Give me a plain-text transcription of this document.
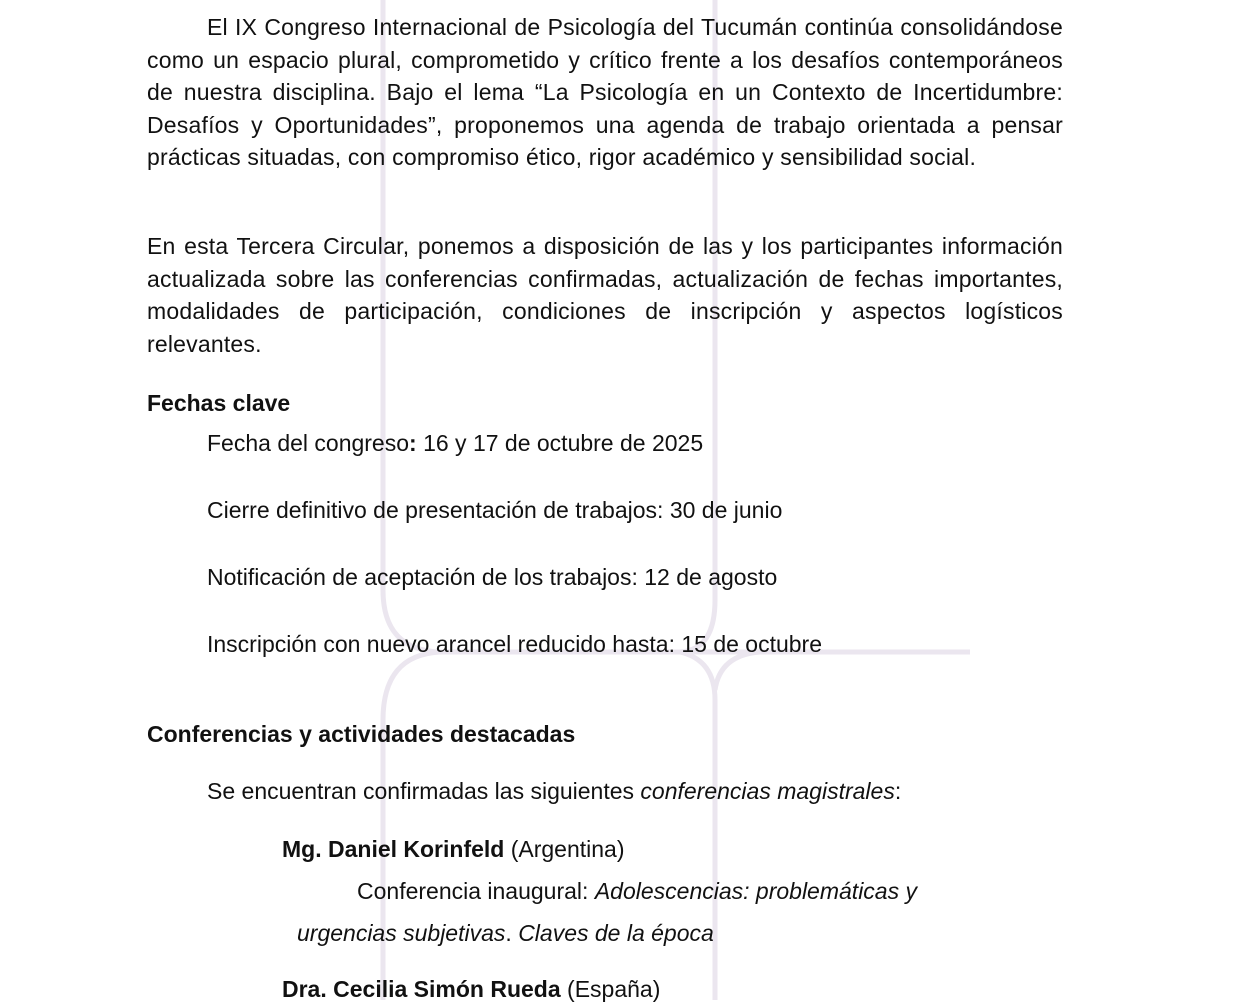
El IX Congreso Internacional de Psicología del Tucumán continúa consolidándose como un espacio plural, comprometido y crítico frente a los desafíos contemporáneos de nuestra disciplina. Bajo el lema “La Psicología en un Contexto de Incertidumbre: Desafíos y Oportunidades”, proponemos una agenda de trabajo orientada a pensar prácticas situadas, con compromiso ético, rigor académico y sensibilidad social.

En esta Tercera Circular, ponemos a disposición de las y los participantes información actualizada sobre las conferencias confirmadas, actualización de fechas importantes, modalidades de participación, condiciones de inscripción y aspectos logísticos relevantes.

Fechas clave
Fecha del congreso: 16 y 17 de octubre de 2025
Cierre definitivo de presentación de trabajos: 30 de junio
Notificación de aceptación de los trabajos: 12 de agosto
Inscripción con nuevo arancel reducido hasta: 15 de octubre
Conferencias y actividades destacadas
Se encuentran confirmadas las siguientes conferencias magistrales:
Mg. Daniel Korinfeld (Argentina)
Conferencia inaugural: Adolescencias: problemáticas y
urgencias subjetivas. Claves de la época
Dra. Cecilia Simón Rueda (España)
